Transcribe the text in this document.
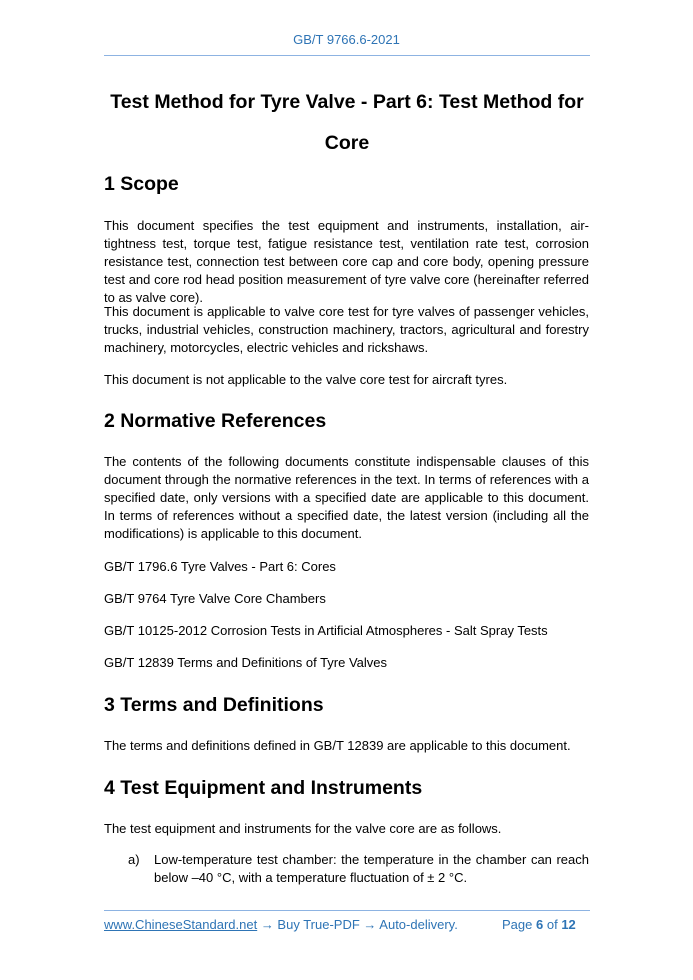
GB/T 9766.6-2021
Test Method for Tyre Valve - Part 6: Test Method for
Core
1 Scope

This document specifies the test equipment and instruments, installation, air-tightness test, torque test, fatigue resistance test, ventilation rate test, corrosion resistance test, connection test between core cap and core body, opening pressure test and core rod head position measurement of tyre valve core (hereinafter referred to as valve core).

This document is applicable to valve core test for tyre valves of passenger vehicles, trucks, industrial vehicles, construction machinery, tractors, agricultural and forestry machinery, motorcycles, electric vehicles and rickshaws.

This document is not applicable to the valve core test for aircraft tyres.

2 Normative References

The contents of the following documents constitute indispensable clauses of this document through the normative references in the text. In terms of references with a specified date, only versions with a specified date are applicable to this document. In terms of references without a specified date, the latest version (including all the modifications) is applicable to this document.

GB/T 1796.6 Tyre Valves - Part 6: Cores

GB/T 9764 Tyre Valve Core Chambers

GB/T 10125-2012 Corrosion Tests in Artificial Atmospheres - Salt Spray Tests

GB/T 12839 Terms and Definitions of Tyre Valves

3 Terms and Definitions

The terms and definitions defined in GB/T 12839 are applicable to this document.

4 Test Equipment and Instruments

The test equipment and instruments for the valve core are as follows.

a) Low-temperature test chamber: the temperature in the chamber can reach below –40 °C, with a temperature fluctuation of ± 2 °C.
www.ChineseStandard.net → Buy True-PDF → Auto-delivery.	Page 6 of 12
